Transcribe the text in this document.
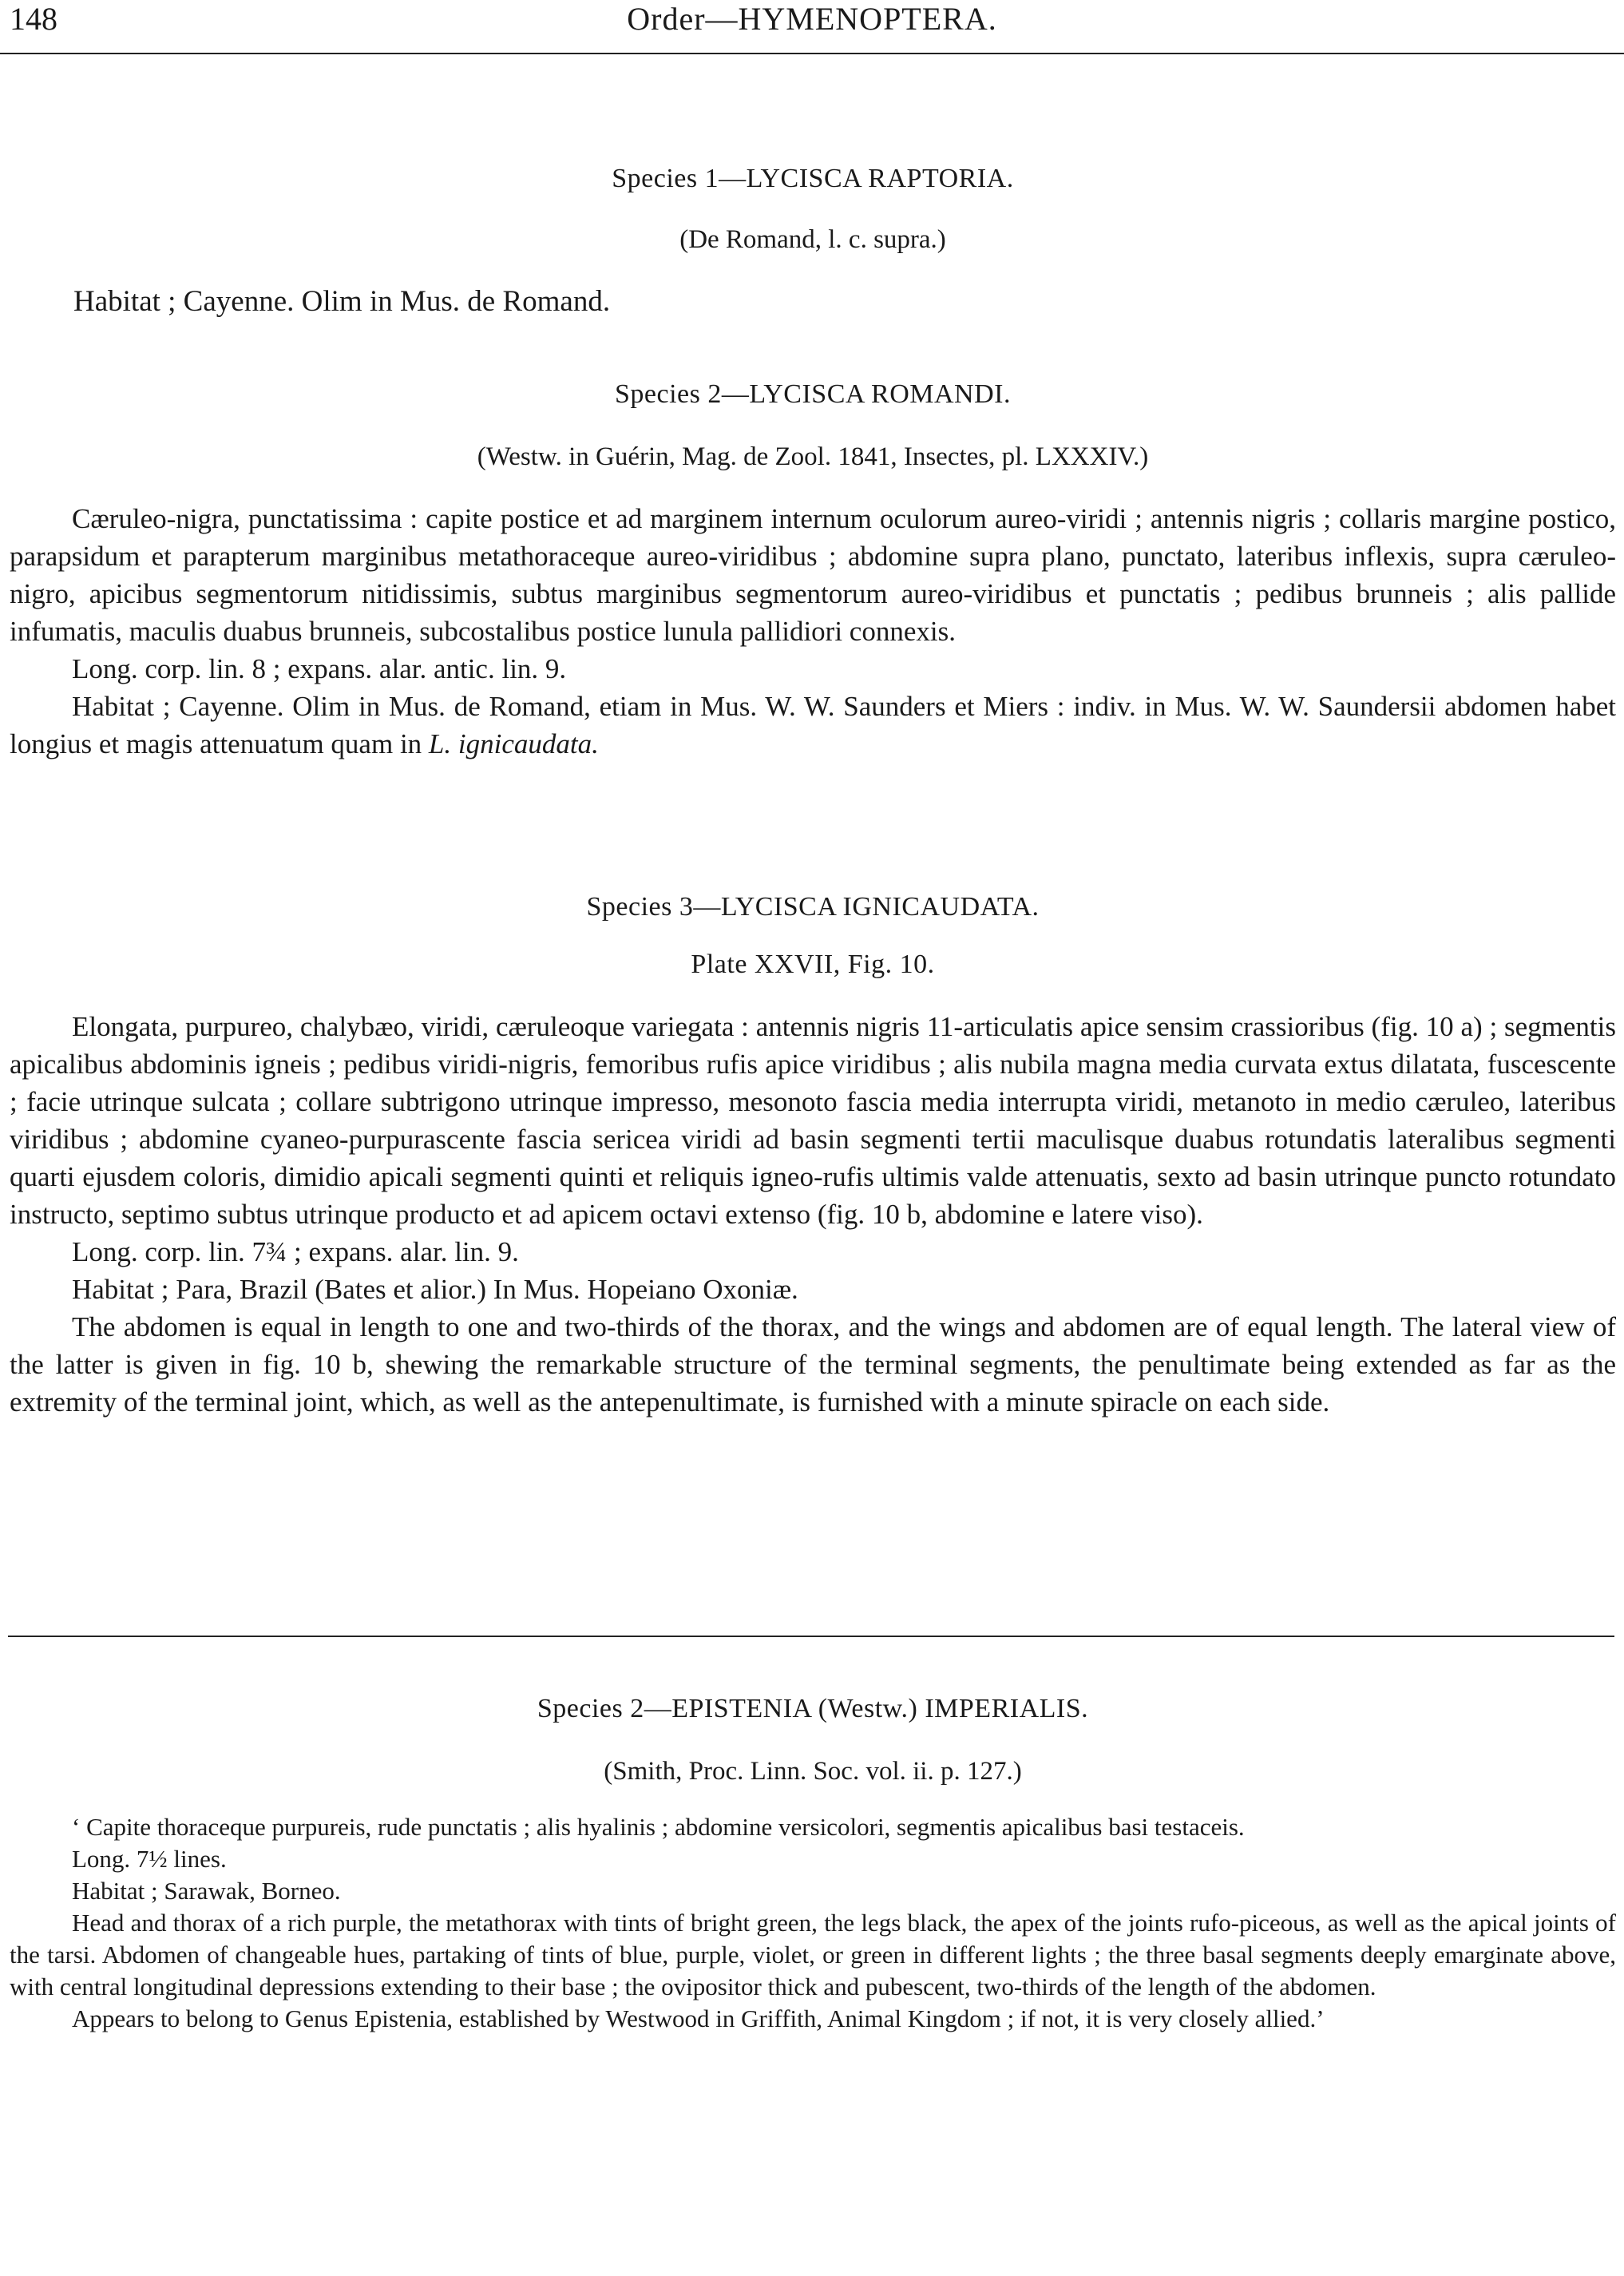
148	Order—HYMENOPTERA.
Species 1—LYCISCA RAPTORIA.
(De Romand, l. c. supra.)
Habitat ; Cayenne. Olim in Mus. de Romand.
Species 2—LYCISCA ROMANDI.
(Westw. in Guérin, Mag. de Zool. 1841, Insectes, pl. LXXXIV.)

Cæruleo-nigra, punctatissima : capite postice et ad marginem internum oculorum aureo-viridi ; antennis nigris ; collaris margine postico, parapsidum et parapterum marginibus metathoraceque aureo-viridibus ; abdomine supra plano, punctato, lateribus inflexis, supra cæruleo-nigro, apicibus segmentorum nitidissimis, subtus marginibus segmentorum aureo-viridibus et punctatis ; pedibus brunneis ; alis pallide infumatis, maculis duabus brunneis, subcostalibus postice lunula pallidiori connexis.

Long. corp. lin. 8 ; expans. alar. antic. lin. 9.

Habitat ; Cayenne. Olim in Mus. de Romand, etiam in Mus. W. W. Saunders et Miers : indiv. in Mus. W. W. Saundersii abdomen habet longius et magis attenuatum quam in L. ignicaudata.

Species 3—LYCISCA IGNICAUDATA.
Plate XXVII, Fig. 10.

Elongata, purpureo, chalybæo, viridi, cæruleoque variegata : antennis nigris 11-articulatis apice sensim crassioribus (fig. 10 a) ; segmentis apicalibus abdominis igneis ; pedibus viridi-nigris, femoribus rufis apice viridibus ; alis nubila magna media curvata extus dilatata, fuscescente ; facie utrinque sulcata ; collare subtrigono utrinque impresso, mesonoto fascia media interrupta viridi, metanoto in medio cæruleo, lateribus viridibus ; abdomine cyaneo-purpurascente fascia sericea viridi ad basin segmenti tertii maculisque duabus rotundatis lateralibus segmenti quarti ejusdem coloris, dimidio apicali segmenti quinti et reliquis igneo-rufis ultimis valde attenuatis, sexto ad basin utrinque puncto rotundato instructo, septimo subtus utrinque producto et ad apicem octavi extenso (fig. 10 b, abdomine e latere viso).

Long. corp. lin. 7¾ ; expans. alar. lin. 9.

Habitat ; Para, Brazil (Bates et alior.) In Mus. Hopeiano Oxoniæ.

The abdomen is equal in length to one and two-thirds of the thorax, and the wings and abdomen are of equal length. The lateral view of the latter is given in fig. 10 b, shewing the remarkable structure of the terminal segments, the penultimate being extended as far as the extremity of the terminal joint, which, as well as the antepenultimate, is furnished with a minute spiracle on each side.

Species 2—EPISTENIA (Westw.) IMPERIALIS.
(Smith, Proc. Linn. Soc. vol. ii. p. 127.)

‘ Capite thoraceque purpureis, rude punctatis ; alis hyalinis ; abdomine versicolori, segmentis apicalibus basi testaceis.

Long. 7½ lines.

Habitat ; Sarawak, Borneo.

Head and thorax of a rich purple, the metathorax with tints of bright green, the legs black, the apex of the joints rufo-piceous, as well as the apical joints of the tarsi. Abdomen of changeable hues, partaking of tints of blue, purple, violet, or green in different lights ; the three basal segments deeply emarginate above, with central longitudinal depressions extending to their base ; the ovipositor thick and pubescent, two-thirds of the length of the abdomen.

Appears to belong to Genus Epistenia, established by Westwood in Griffith, Animal Kingdom ; if not, it is very closely allied.’
